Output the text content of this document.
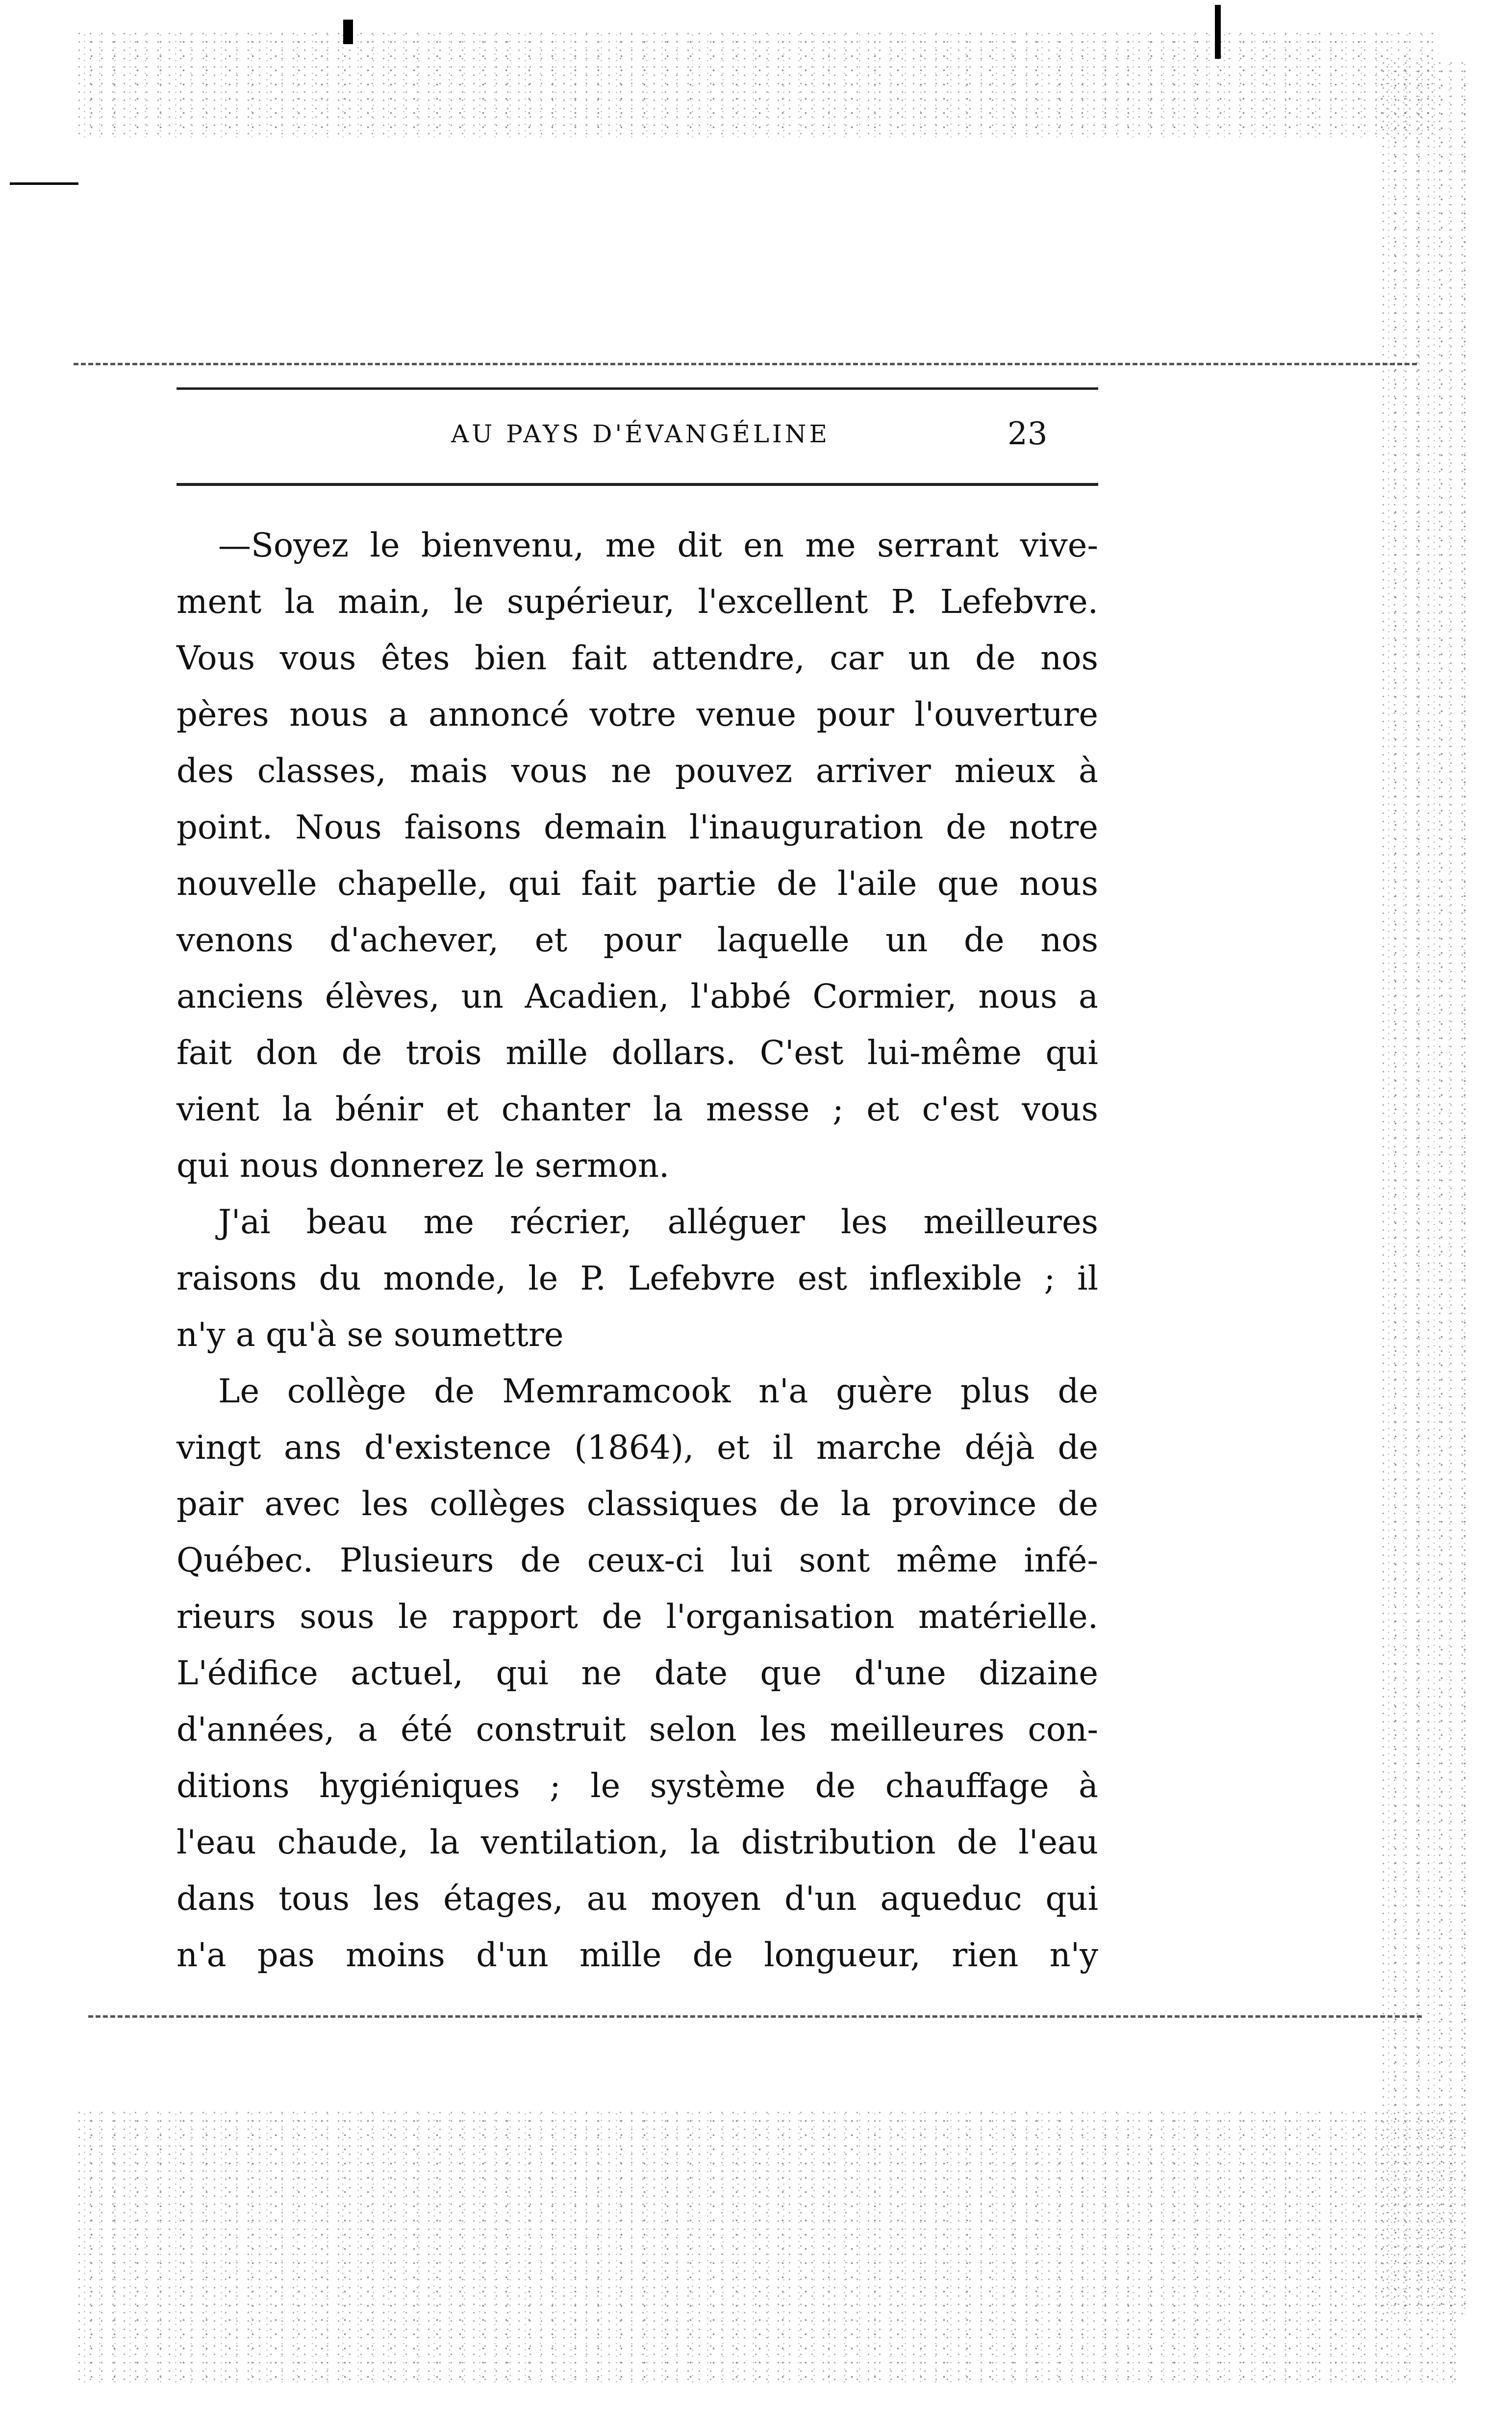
AU PAYS D'ÉVANGÉLINE	23
—Soyez le bienvenu, me dit en me serrant vive-
ment la main, le supérieur, l'excellent P. Lefebvre.
Vous vous êtes bien fait attendre, car un de nos
pères nous a annoncé votre venue pour l'ouverture
des classes, mais vous ne pouvez arriver mieux à
point. Nous faisons demain l'inauguration de notre
nouvelle chapelle, qui fait partie de l'aile que nous
venons d'achever, et pour laquelle un de nos
anciens élèves, un Acadien, l'abbé Cormier, nous a
fait don de trois mille dollars. C'est lui-même qui
vient la bénir et chanter la messe ; et c'est vous
qui nous donnerez le sermon.
J'ai beau me récrier, alléguer les meilleures
raisons du monde, le P. Lefebvre est inflexible ; il
n'y a qu'à se soumettre
Le collège de Memramcook n'a guère plus de
vingt ans d'existence (1864), et il marche déjà de
pair avec les collèges classiques de la province de
Québec. Plusieurs de ceux-ci lui sont même infé-
rieurs sous le rapport de l'organisation matérielle.
L'édifice actuel, qui ne date que d'une dizaine
d'années, a été construit selon les meilleures con-
ditions hygiéniques ; le système de chauffage à
l'eau chaude, la ventilation, la distribution de l'eau
dans tous les étages, au moyen d'un aqueduc qui
n'a pas moins d'un mille de longueur, rien n'y
